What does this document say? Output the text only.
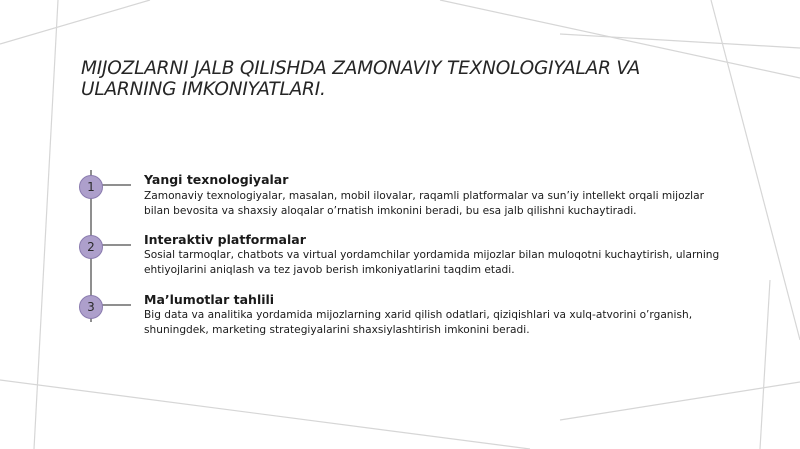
MIJOZLARNI JALB QILISHDA ZAMONAVIY TEXNOLOGIYALAR VA ULARNING IMKONIYATLARI.
1
2
3
Yangi texnologiyalar

Zamonaviy texnologiyalar, masalan, mobil ilovalar, raqamli platformalar va sun’iy intellekt orqali mijozlar bilan bevosita va shaxsiy aloqalar o’rnatish imkonini beradi, bu esa jalb qilishni kuchaytiradi.

Interaktiv platformalar

Sosial tarmoqlar, chatbots va virtual yordamchilar yordamida mijozlar bilan muloqotni kuchaytirish, ularning ehtiyojlarini aniqlash va tez javob berish imkoniyatlarini taqdim etadi.

Ma’lumotlar tahlili

Big data va analitika yordamida mijozlarning xarid qilish odatlari, qiziqishlari va xulq-atvorini o’rganish, shuningdek, marketing strategiyalarini shaxsiylashtirish imkonini beradi.
